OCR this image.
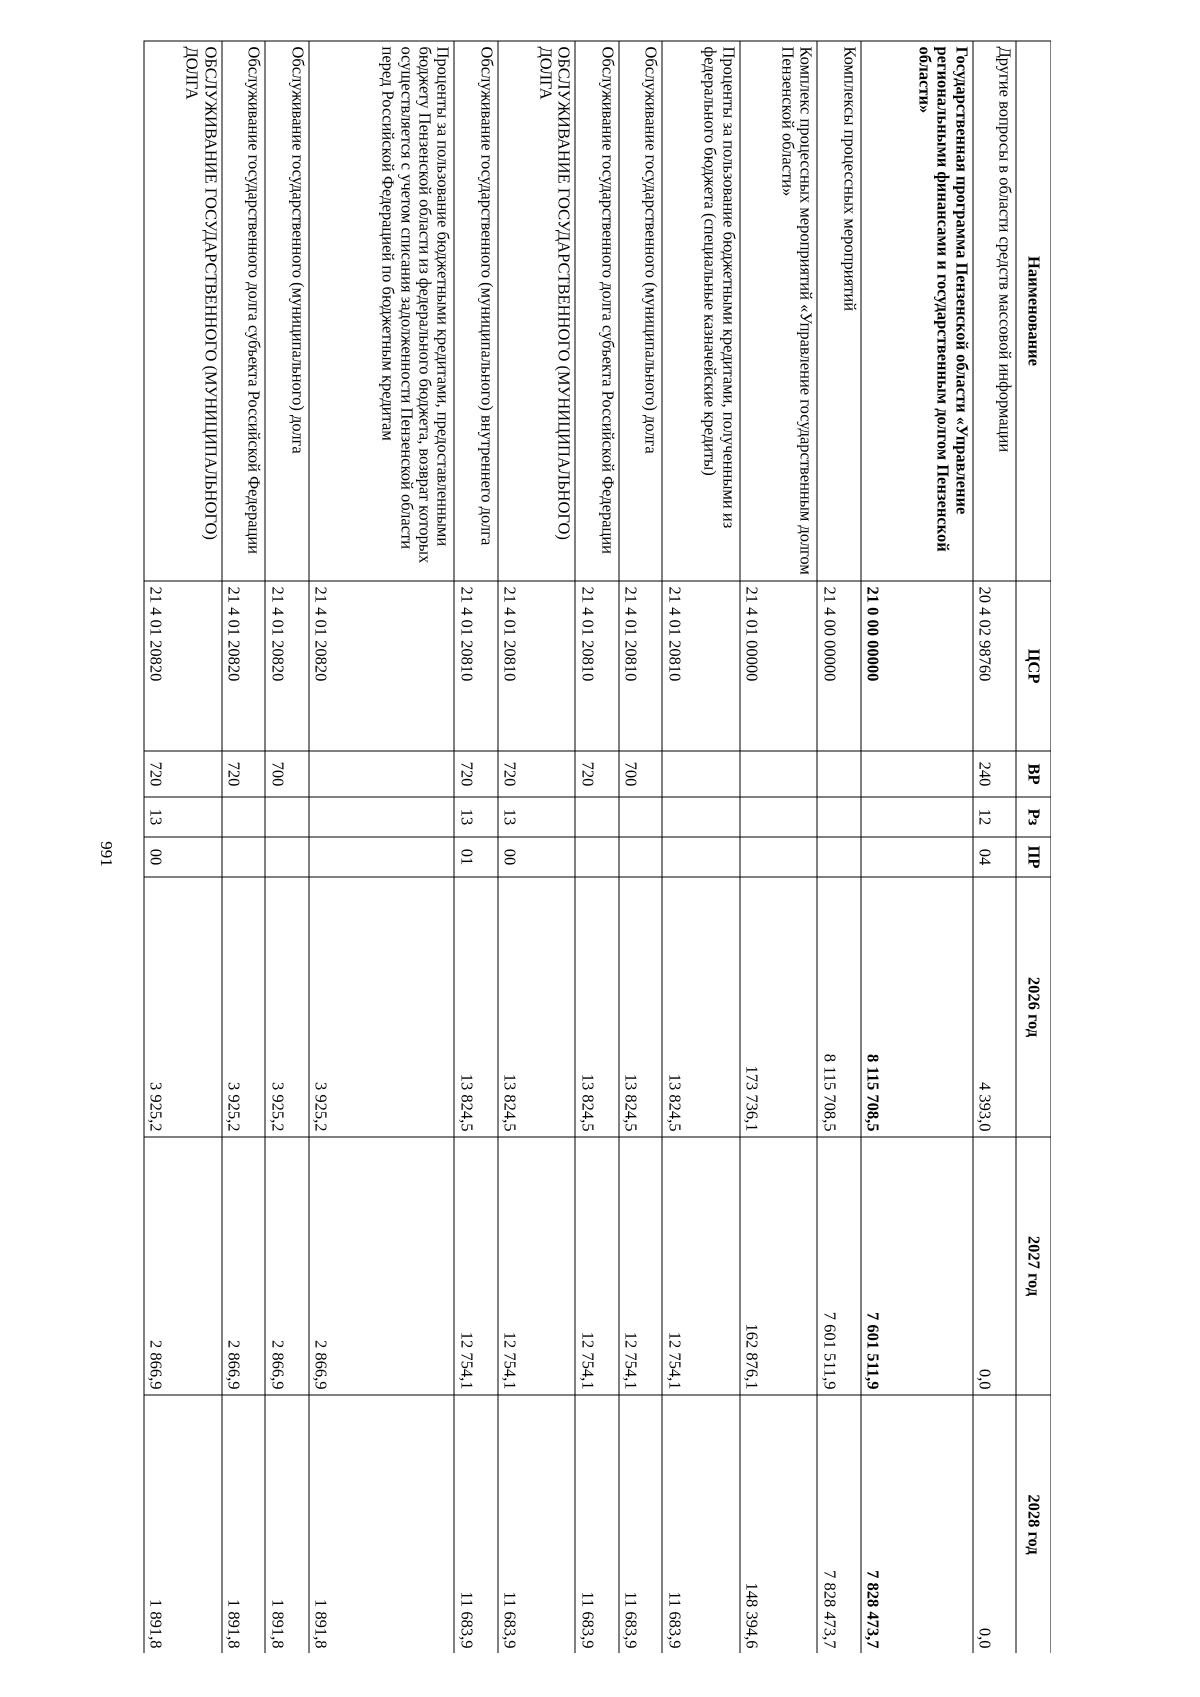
991
Наименование	ЦСР	ВР	Рз	ПР	2026 год	2027 год	2028 год
Другие вопросы в области средств массовой информации	20 4 02 98760	240	12	04	4 393,0	0,0	0,0
Государственная программа Пензенской области «Управление региональными финансами и государственным долгом Пензенской области»	21 0 00 00000				8 115 708,5	7 601 511,9	7 828 473,7
Комплексы процессных мероприятий	21 4 00 00000				8 115 708,5	7 601 511,9	7 828 473,7
Комплекс процессных мероприятий «Управление государственным долгом Пензенской области»	21 4 01 00000				173 736,1	162 876,1	148 394,6
Проценты за пользование бюджетными кредитами, полученными из федерального бюджета (специальные казначейские кредиты)	21 4 01 20810				13 824,5	12 754,1	11 683,9
Обслуживание государственного (муниципального) долга	21 4 01 20810	700			13 824,5	12 754,1	11 683,9
Обслуживание государственного долга субъекта Российской Федерации	21 4 01 20810	720			13 824,5	12 754,1	11 683,9
ОБСЛУЖИВАНИЕ ГОСУДАРСТВЕННОГО (МУНИЦИПАЛЬНОГО) ДОЛГА	21 4 01 20810	720	13	00	13 824,5	12 754,1	11 683,9
Обслуживание государственного (муниципального) внутреннего долга	21 4 01 20810	720	13	01	13 824,5	12 754,1	11 683,9
Проценты за пользование бюджетными кредитами, предоставленными бюджету Пензенской области из федерального бюджета, возврат которых осуществляется с учетом списания задолженности Пензенской области перед Российской Федерацией по бюджетным кредитам	21 4 01 20820				3 925,2	2 866,9	1 891,8
Обслуживание государственного (муниципального) долга	21 4 01 20820	700			3 925,2	2 866,9	1 891,8
Обслуживание государственного долга субъекта Российской Федерации	21 4 01 20820	720			3 925,2	2 866,9	1 891,8
ОБСЛУЖИВАНИЕ ГОСУДАРСТВЕННОГО (МУНИЦИПАЛЬНОГО) ДОЛГА	21 4 01 20820	720	13	00	3 925,2	2 866,9	1 891,8
